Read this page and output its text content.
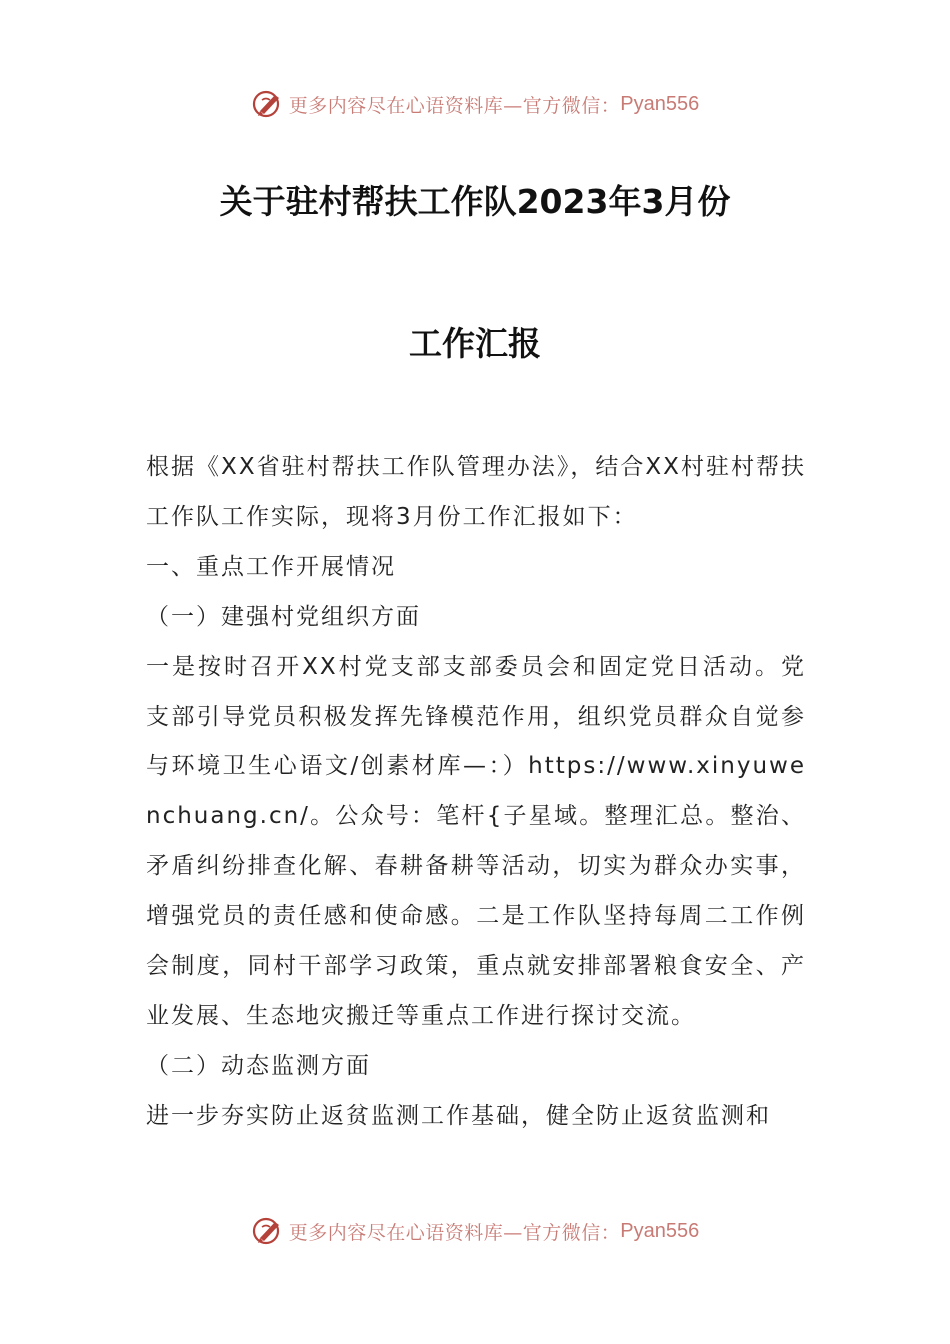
更多内容尽在心语资料库—官方微信： Pyan556
关于驻村帮扶工作队2023年3月份
工作汇报

根据《XX省驻村帮扶工作队管理办法》，结合XX村驻村帮扶工作队工作实际，现将3月份工作汇报如下：

一、重点工作开展情况

（一）建强村党组织方面

一是按时召开XX村党支部支部委员会和固定党日活动。党支部引导党员积极发挥先锋模范作用，组织党员群众自觉参与环境卫生心语文/创素材库—：）https://www.xinyuwenchuang.cn/。公众号：笔杆{子星域。整理汇总。整治、矛盾纠纷排查化解、春耕备耕等活动，切实为群众办实事，增强党员的责任感和使命感。二是工作队坚持每周二工作例会制度，同村干部学习政策，重点就安排部署粮食安全、产业发展、生态地灾搬迁等重点工作进行探讨交流。

（二）动态监测方面

进一步夯实防止返贫监测工作基础，健全防止返贫监测和

更多内容尽在心语资料库—官方微信： Pyan556
